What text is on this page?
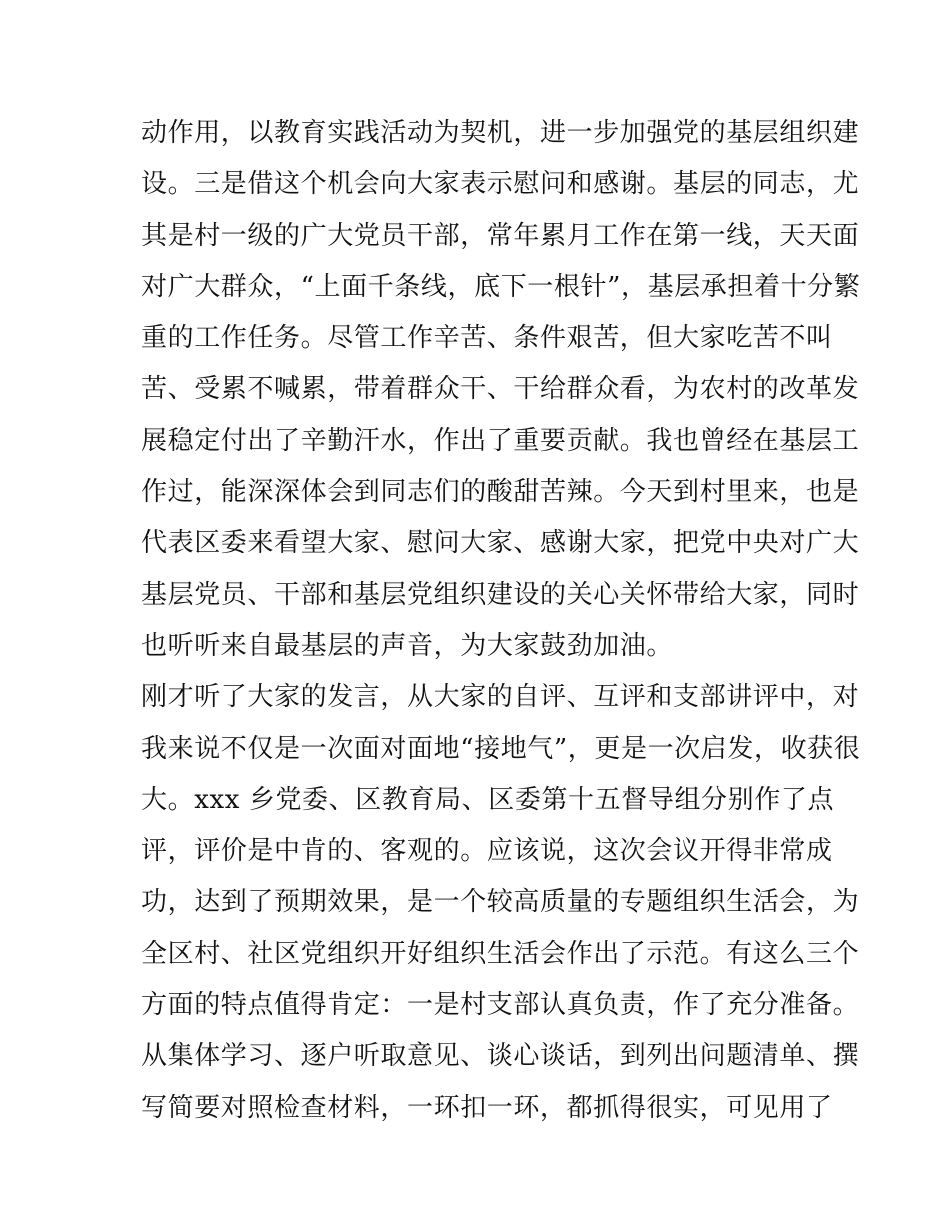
动作用，以教育实践活动为契机，进一步加强党的基层组织建
设。三是借这个机会向大家表示慰问和感谢。基层的同志，尤
其是村一级的广大党员干部，常年累月工作在第一线，天天面
对广大群众，“上面千条线，底下一根针”，基层承担着十分繁
重的工作任务。尽管工作辛苦、条件艰苦，但大家吃苦不叫
苦、受累不喊累，带着群众干、干给群众看，为农村的改革发
展稳定付出了辛勤汗水，作出了重要贡献。我也曾经在基层工
作过，能深深体会到同志们的酸甜苦辣。今天到村里来，也是
代表区委来看望大家、慰问大家、感谢大家，把党中央对广大
基层党员、干部和基层党组织建设的关心关怀带给大家，同时
也听听来自最基层的声音，为大家鼓劲加油。
刚才听了大家的发言，从大家的自评、互评和支部讲评中，对
我来说不仅是一次面对面地“接地气”，更是一次启发，收获很
大。xxx 乡党委、区教育局、区委第十五督导组分别作了点
评，评价是中肯的、客观的。应该说，这次会议开得非常成
功，达到了预期效果，是一个较高质量的专题组织生活会，为
全区村、社区党组织开好组织生活会作出了示范。有这么三个
方面的特点值得肯定：一是村支部认真负责，作了充分准备。
从集体学习、逐户听取意见、谈心谈话，到列出问题清单、撰
写简要对照检查材料，一环扣一环，都抓得很实，可见用了
